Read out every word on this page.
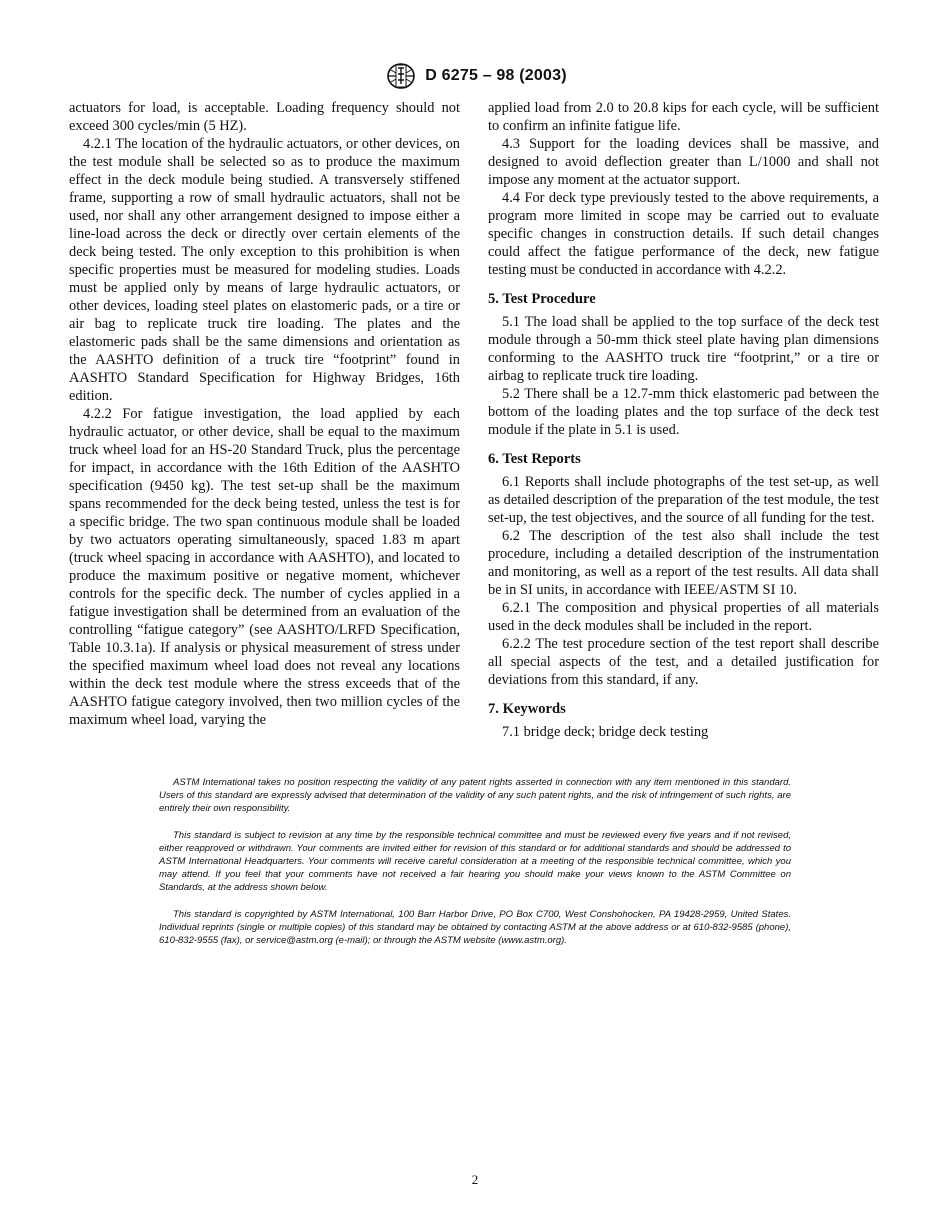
D 6275 – 98 (2003)

actuators for load, is acceptable. Loading frequency should not exceed 300 cycles/min (5 HZ).

4.2.1 The location of the hydraulic actuators, or other devices, on the test module shall be selected so as to produce the maximum effect in the deck module being studied. A transversely stiffened frame, supporting a row of small hydraulic actuators, shall not be used, nor shall any other arrangement designed to impose either a line-load across the deck or directly over certain elements of the deck being tested. The only exception to this prohibition is when specific properties must be measured for modeling studies. Loads must be applied only by means of large hydraulic actuators, or other devices, loading steel plates on elastomeric pads, or a tire or air bag to replicate truck tire loading. The plates and the elastomeric pads shall be the same dimensions and orientation as the AASHTO definition of a truck tire “footprint” found in AASHTO Standard Specification for Highway Bridges, 16th edition.

4.2.2 For fatigue investigation, the load applied by each hydraulic actuator, or other device, shall be equal to the maximum truck wheel load for an HS-20 Standard Truck, plus the percentage for impact, in accordance with the 16th Edition of the AASHTO specification (9450 kg). The test set-up shall be the maximum spans recommended for the deck being tested, unless the test is for a specific bridge. The two span continuous module shall be loaded by two actuators operating simultaneously, spaced 1.83 m apart (truck wheel spacing in accordance with AASHTO), and located to produce the maximum positive or negative moment, whichever controls for the specific deck. The number of cycles applied in a fatigue investigation shall be determined from an evaluation of the controlling “fatigue category” (see AASHTO/LRFD Specification, Table 10.3.1a). If analysis or physical measurement of stress under the specified maximum wheel load does not reveal any locations within the deck test module where the stress exceeds that of the AASHTO fatigue category involved, then two million cycles of the maximum wheel load, varying the

applied load from 2.0 to 20.8 kips for each cycle, will be sufficient to confirm an infinite fatigue life.

4.3 Support for the loading devices shall be massive, and designed to avoid deflection greater than L/1000 and shall not impose any moment at the actuator support.

4.4 For deck type previously tested to the above requirements, a program more limited in scope may be carried out to evaluate specific changes in construction details. If such detail changes could affect the fatigue performance of the deck, new fatigue testing must be conducted in accordance with 4.2.2.

5. Test Procedure

5.1 The load shall be applied to the top surface of the deck test module through a 50-mm thick steel plate having plan dimensions conforming to the AASHTO truck tire “footprint,” or a tire or airbag to replicate truck tire loading.

5.2 There shall be a 12.7-mm thick elastomeric pad between the bottom of the loading plates and the top surface of the deck test module if the plate in 5.1 is used.

6. Test Reports

6.1 Reports shall include photographs of the test set-up, as well as detailed description of the preparation of the test module, the test set-up, the test objectives, and the source of all funding for the test.

6.2 The description of the test also shall include the test procedure, including a detailed description of the instrumentation and monitoring, as well as a report of the test results. All data shall be in SI units, in accordance with IEEE/ASTM SI 10.

6.2.1 The composition and physical properties of all materials used in the deck modules shall be included in the report.

6.2.2 The test procedure section of the test report shall describe all special aspects of the test, and a detailed justification for deviations from this standard, if any.

7. Keywords

7.1 bridge deck; bridge deck testing

ASTM International takes no position respecting the validity of any patent rights asserted in connection with any item mentioned in this standard. Users of this standard are expressly advised that determination of the validity of any such patent rights, and the risk of infringement of such rights, are entirely their own responsibility.

This standard is subject to revision at any time by the responsible technical committee and must be reviewed every five years and if not revised, either reapproved or withdrawn. Your comments are invited either for revision of this standard or for additional standards and should be addressed to ASTM International Headquarters. Your comments will receive careful consideration at a meeting of the responsible technical committee, which you may attend. If you feel that your comments have not received a fair hearing you should make your views known to the ASTM Committee on Standards, at the address shown below.

This standard is copyrighted by ASTM International, 100 Barr Harbor Drive, PO Box C700, West Conshohocken, PA 19428-2959, United States. Individual reprints (single or multiple copies) of this standard may be obtained by contacting ASTM at the above address or at 610-832-9585 (phone), 610-832-9555 (fax), or service@astm.org (e-mail); or through the ASTM website (www.astm.org).

2
